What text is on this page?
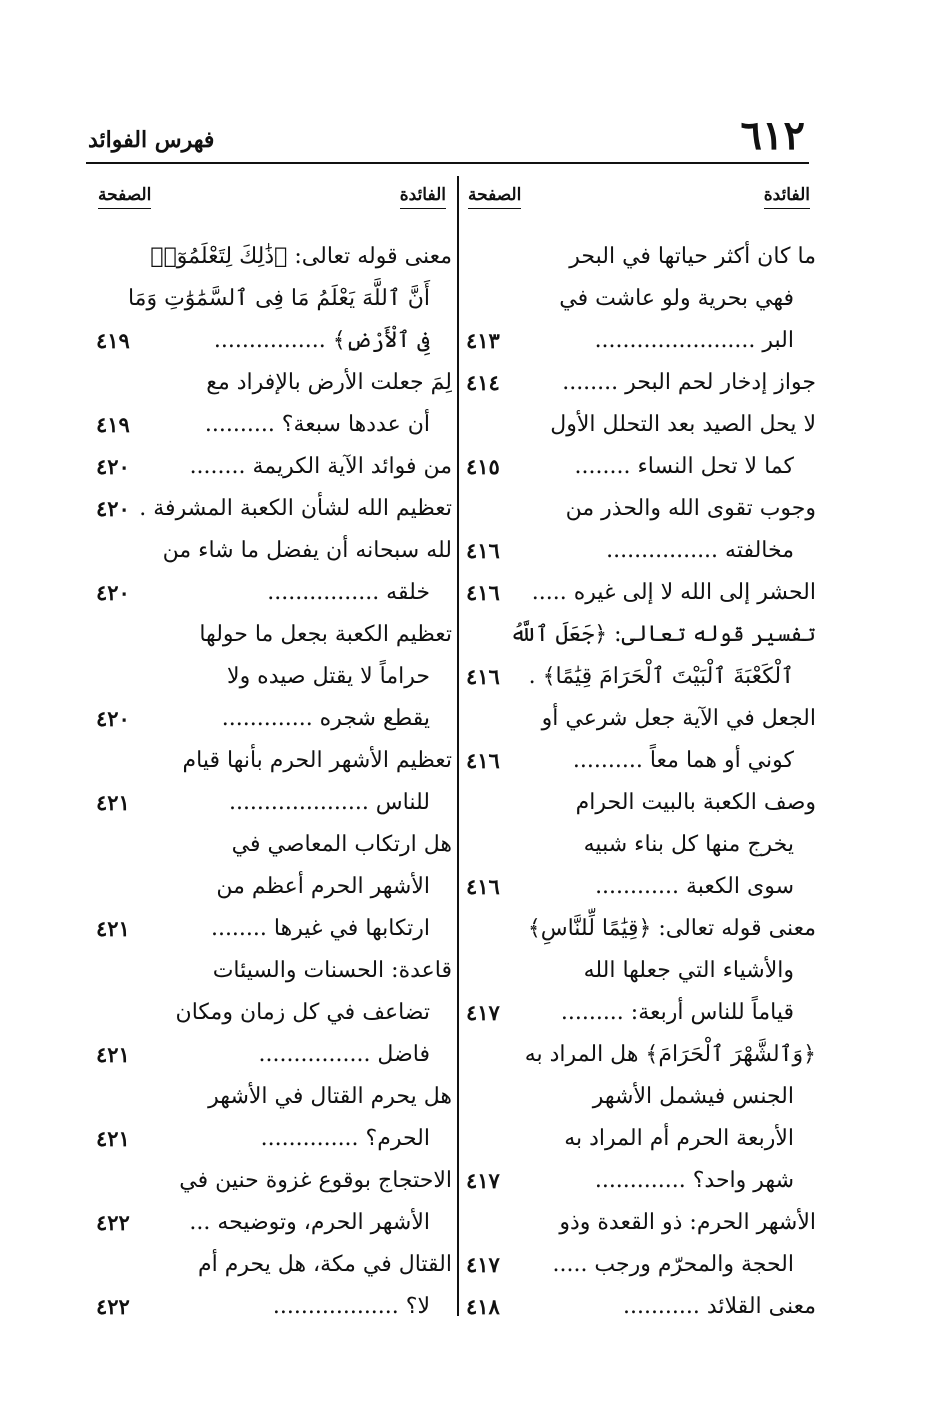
٦١٢
فهرس الفوائد
الفائدة
الصفحة
ما كان أكثر حياتها في البحر
فهي بحرية ولو عاشت في
البر .......................
٤١٣
جواز إدخار لحم البحر ........
٤١٤
لا يحل الصيد بعد التحلل الأول
كما لا تحل النساء ........
٤١٥
وجوب تقوى الله والحذر من
مخالفته ................
٤١٦
الحشر إلى الله لا إلى غيره .....
٤١٦
تفسير قوله تعالى: ﴿جَعَلَ ٱللَّهُ
ٱلْكَعْبَةَ ٱلْبَيْتَ ٱلْحَرَامَ قِيَٰمًا﴾ .
٤١٦
الجعل في الآية جعل شرعي أو
كوني أو هما معاً ..........
٤١٦
وصف الكعبة بالبيت الحرام
يخرج منها كل بناء شبيه
سوى الكعبة ............
٤١٦
معنى قوله تعالى: ﴿قِيَٰمًا لِّلنَّاسِ﴾
والأشياء التي جعلها الله
قياماً للناس أربعة: .........
٤١٧
﴿وَٱلشَّهْرَ ٱلْحَرَامَ﴾ هل المراد به
الجنس فيشمل الأشهر
الأربعة الحرم أم المراد به
شهر واحد؟ .............
٤١٧
الأشهر الحرم: ذو القعدة وذو
الحجة والمحرّم ورجب .....
٤١٧
معنى القلائد ...........
٤١٨
الفائدة
الصفحة
معنى قوله تعالى: ﴿ذَٰلِكَ لِتَعْلَمُوٓا۟
أَنَّ ٱللَّهَ يَعْلَمُ مَا فِى ٱلسَّمَٰوَٰتِ وَمَا
فِى ٱلْأَرْضِ﴾ ................
٤١٩
لِمَ جعلت الأرض بالإفراد مع
أن عددها سبعة؟ ..........
٤١٩
من فوائد الآية الكريمة ........
٤٢٠
تعظيم الله لشأن الكعبة المشرفة .
٤٢٠
لله سبحانه أن يفضل ما شاء من
خلقه ................
٤٢٠
تعظيم الكعبة بجعل ما حولها
حراماً لا يقتل صيده ولا
يقطع شجره .............
٤٢٠
تعظيم الأشهر الحرم بأنها قيام
للناس ....................
٤٢١
هل ارتكاب المعاصي في
الأشهر الحرم أعظم من
ارتكابها في غيرها ........
٤٢١
قاعدة: الحسنات والسيئات
تضاعف في كل زمان ومكان
فاضل ................
٤٢١
هل يحرم القتال في الأشهر
الحرم؟ ..............
٤٢١
الاحتجاج بوقوع غزوة حنين في
الأشهر الحرم، وتوضيحه ...
٤٢٢
القتال في مكة، هل يحرم أم
لا؟ ..................
٤٢٢
